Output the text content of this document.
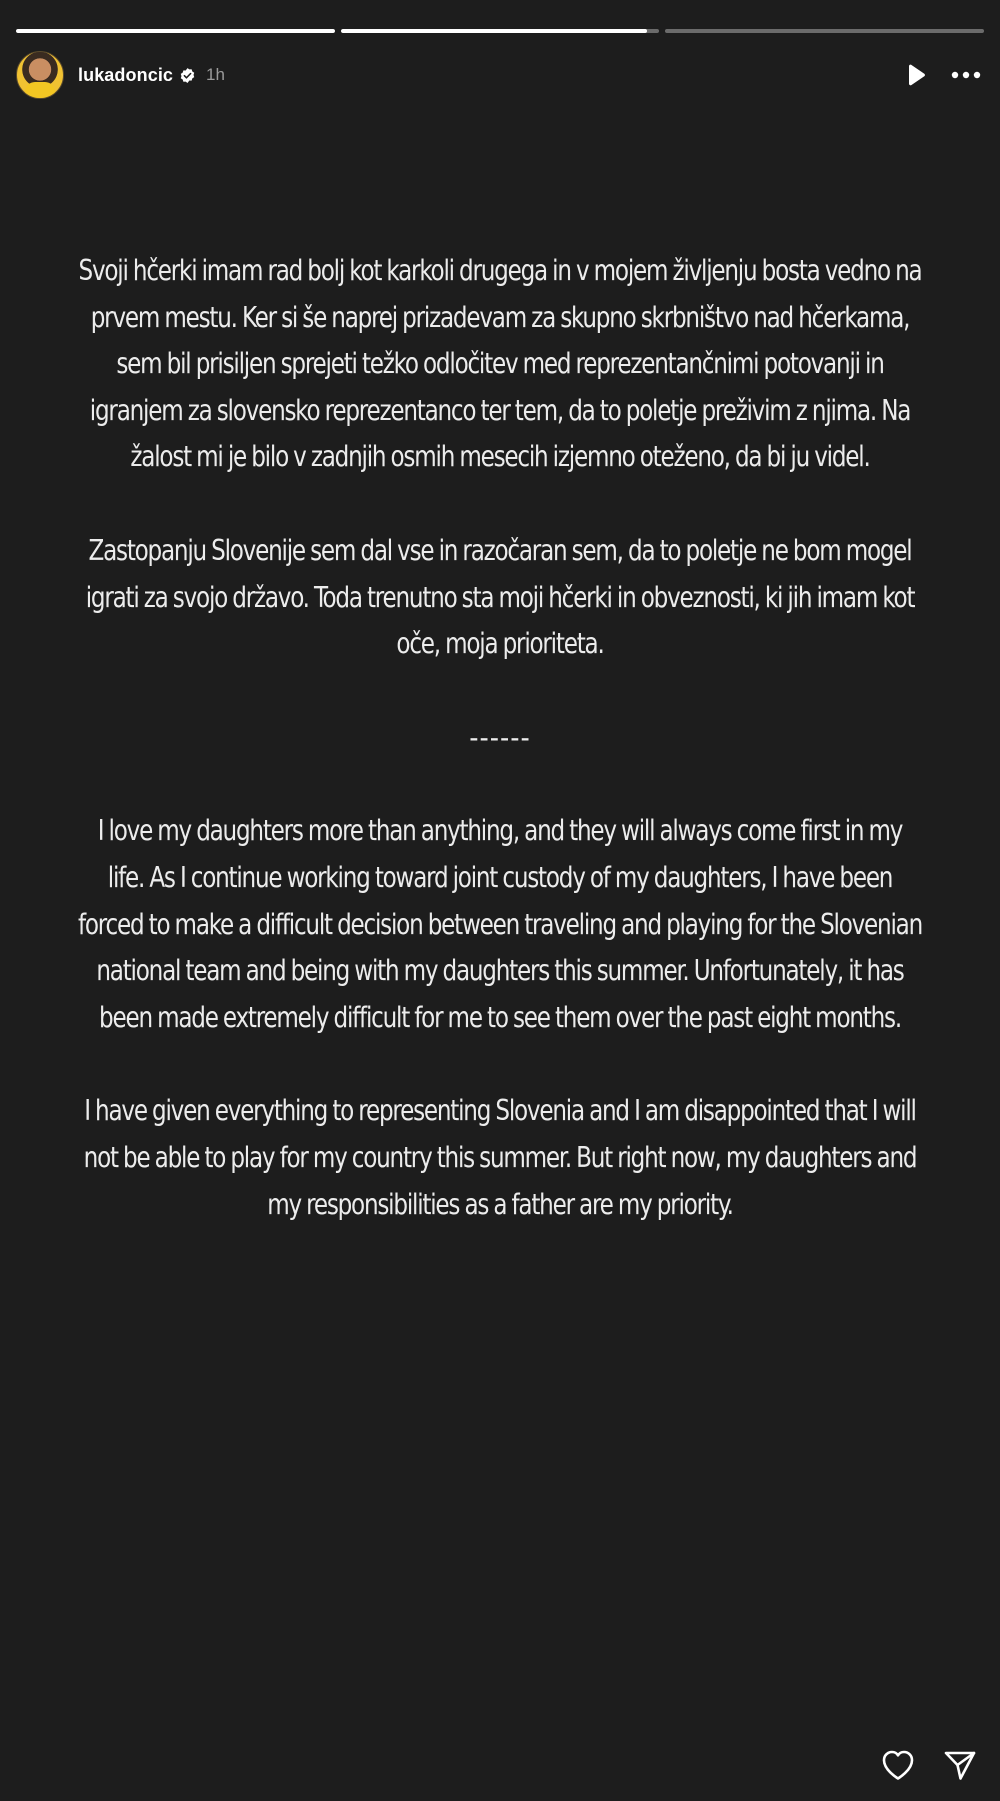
lukadoncic 1h

Svoji hčerki imam rad bolj kot karkoli drugega in v mojem življenju bosta vedno na prvem mestu. Ker si še naprej prizadevam za skupno skrbništvo nad hčerkama, sem bil prisiljen sprejeti težko odločitev med reprezentančnimi potovanji in igranjem za slovensko reprezentanco ter tem, da to poletje preživim z njima. Na žalost mi je bilo v zadnjih osmih mesecih izjemno oteženo, da bi ju videl.

Zastopanju Slovenije sem dal vse in razočaran sem, da to poletje ne bom mogel igrati za svojo državo. Toda trenutno sta moji hčerki in obveznosti, ki jih imam kot oče, moja prioriteta.

------

I love my daughters more than anything, and they will always come first in my life. As I continue working toward joint custody of my daughters, I have been forced to make a difficult decision between traveling and playing for the Slovenian national team and being with my daughters this summer. Unfortunately, it has been made extremely difficult for me to see them over the past eight months.

I have given everything to representing Slovenia and I am disappointed that I will not be able to play for my country this summer. But right now, my daughters and my responsibilities as a father are my priority.
